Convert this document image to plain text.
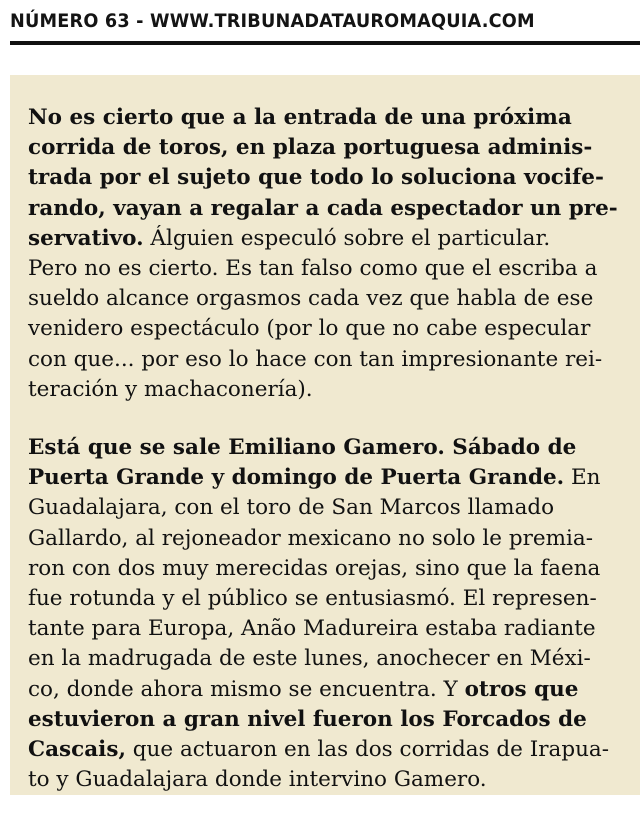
NÚMERO 63 - WWW.TRIBUNADATAUROMAQUIA.COM

No es cierto que a la entrada de una próxima
corrida de toros, en plaza portuguesa adminis-
trada por el sujeto que todo lo soluciona vocife-
rando, vayan a regalar a cada espectador un pre-
servativo. Álguien especuló sobre el particular.
Pero no es cierto. Es tan falso como que el escriba a
sueldo alcance orgasmos cada vez que habla de ese
venidero espectáculo (por lo que no cabe especular
con que... por eso lo hace con tan impresionante rei-
teración y machaconería).

Está que se sale Emiliano Gamero. Sábado de
Puerta Grande y domingo de Puerta Grande. En
Guadalajara, con el toro de San Marcos llamado
Gallardo, al rejoneador mexicano no solo le premia-
ron con dos muy merecidas orejas, sino que la faena
fue rotunda y el público se entusiasmó. El represen-
tante para Europa, Anão Madureira estaba radiante
en la madrugada de este lunes, anochecer en Méxi-
co, donde ahora mismo se encuentra. Y otros que
estuvieron a gran nivel fueron los Forcados de
Cascais, que actuaron en las dos corridas de Irapua-
to y Guadalajara donde intervino Gamero.
